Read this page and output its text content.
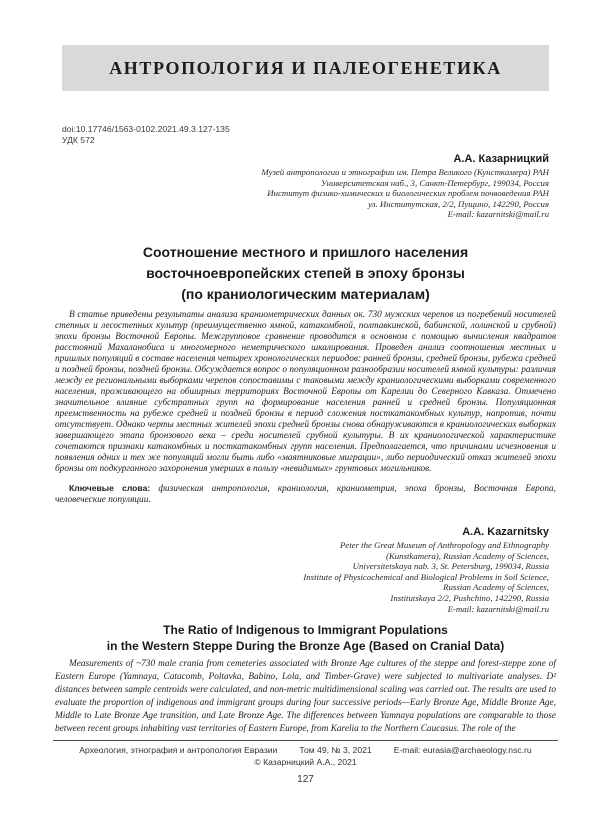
АНТРОПОЛОГИЯ И ПАЛЕОГЕНЕТИКА
doi:10.17746/1563-0102.2021.49.3.127-135
УДК 572
А.А. Казарницкий
Музей антропологии и этнографии им. Петра Великого (Кунсткамера) РАН
Университетская наб., 3, Санкт-Петербург, 199034, Россия
Институт физико-химических и биологических проблем почвоведения РАН
ул. Институтская, 2/2, Пущино, 142290, Россия
E-mail: kazarnitski@mail.ru
Соотношение местного и пришлого населения
восточноевропейских степей в эпоху бронзы
(по краниологическим материалам)
В статье приведены результаты анализа краниометрических данных ок. 730 мужских черепов из погребений носителей степных и лесостепных культур (преимущественно ямной, катакомбной, полтавкинской, бабинской, лолинской и срубной) эпохи бронзы Восточной Европы. Межгрупповое сравнение проводится в основном с помощью вычисления квадратов расстояний Махаланобиса и многомерного неметрического шкалирования. Проведен анализ соотношения местных и пришлых популяций в составе населения четырех хронологических периодов: ранней бронзы, средней бронзы, рубежа средней и поздней бронзы, поздней бронзы. Обсуждается вопрос о популяционном разнообразии носителей ямной культуры: различия между ее региональными выборками черепов сопоставимы с таковыми между краниологическими выборками современного населения, проживающего на обширных территориях Восточной Европы от Карелии до Северного Кавказа. Отмечено значительное влияние субстратных групп на формирование населения ранней и средней бронзы. Популяционная преемственность на рубеже средней и поздней бронзы в период сложения посткатакомбных культур, напротив, почти отсутствует. Однако черты местных жителей эпохи средней бронзы снова обнаруживаются в краниологических выборках завершающего этапа бронзового века – среди носителей срубной культуры. В их краниологической характеристике сочетаются признаки катакомбных и посткатакомбных групп населения. Предполагается, что причинами исчезновения и появления одних и тех же популяций могли быть либо «маятниковые миграции», либо периодический отказ жителей эпохи бронзы от подкурганного захоронения умерших в пользу «невидимых» грунтовых могильников.
Ключевые слова: физическая антропология, краниология, краниометрия, эпоха бронзы, Восточная Европа, человеческие популяции.
A.A. Kazarnitsky
Peter the Great Museum of Anthropology and Ethnography
(Kunstkamera), Russian Academy of Sciences,
Universitetskaya nab. 3, St. Petersburg, 199034, Russia
Institute of Physicochemical and Biological Problems in Soil Science,
Russian Academy of Sciences,
Institutskaya 2/2, Pushchino, 142290, Russia
E-mail: kazarnitski@mail.ru
The Ratio of Indigenous to Immigrant Populations
in the Western Steppe During the Bronze Age (Based on Cranial Data)
Measurements of ~730 male crania from cemeteries associated with Bronze Age cultures of the steppe and forest-steppe zone of Eastern Europe (Yamnaya, Catacomb, Poltavka, Babino, Lola, and Timber-Grave) were subjected to multivariate analyses. D² distances between sample centroids were calculated, and non-metric multidimensional scaling was carried out. The results are used to evaluate the proportion of indigenous and immigrant groups during four successive periods—Early Bronze Age, Middle Bronze Age, Middle to Late Bronze Age transition, and Late Bronze Age. The differences between Yamnaya populations are comparable to those between recent groups inhabiting vast territories of Eastern Europe, from Karelia to the Northern Caucasus. The role of the
Археология, этнография и антропология Евразии	Том 49, № 3, 2021	E-mail: eurasia@archaeology.nsc.ru
© Казарницкий А.А., 2021
127
